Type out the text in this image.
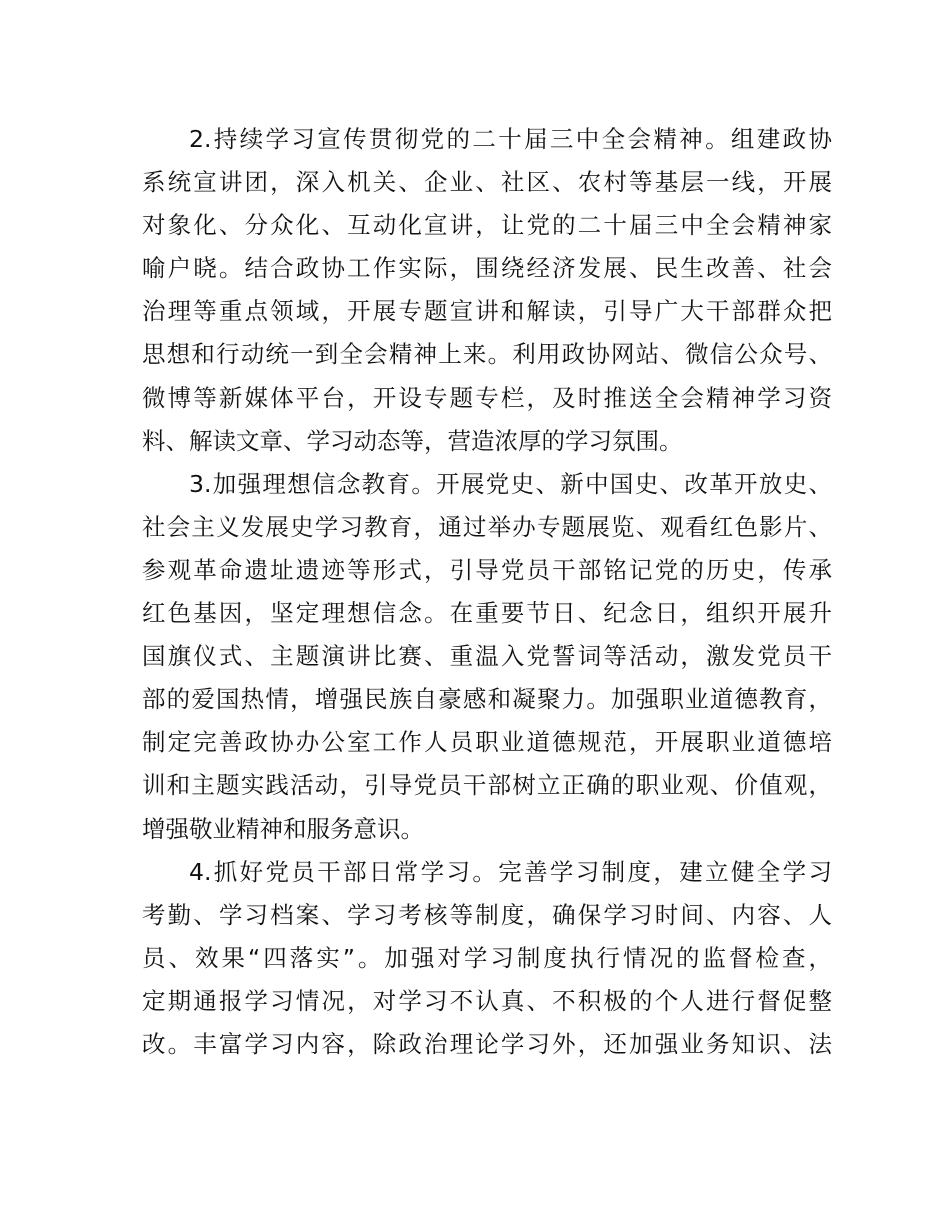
2.持续学习宣传贯彻党的二十届三中全会精神。组建政协
系统宣讲团，深入机关、企业、社区、农村等基层一线，开展
对象化、分众化、互动化宣讲，让党的二十届三中全会精神家
喻户晓。结合政协工作实际，围绕经济发展、民生改善、社会
治理等重点领域，开展专题宣讲和解读，引导广大干部群众把
思想和行动统一到全会精神上来。利用政协网站、微信公众号、
微博等新媒体平台，开设专题专栏，及时推送全会精神学习资
料、解读文章、学习动态等，营造浓厚的学习氛围。
3.加强理想信念教育。开展党史、新中国史、改革开放史、
社会主义发展史学习教育，通过举办专题展览、观看红色影片、
参观革命遗址遗迹等形式，引导党员干部铭记党的历史，传承
红色基因，坚定理想信念。在重要节日、纪念日，组织开展升
国旗仪式、主题演讲比赛、重温入党誓词等活动，激发党员干
部的爱国热情，增强民族自豪感和凝聚力。加强职业道德教育，
制定完善政协办公室工作人员职业道德规范，开展职业道德培
训和主题实践活动，引导党员干部树立正确的职业观、价值观，
增强敬业精神和服务意识。
4.抓好党员干部日常学习。完善学习制度，建立健全学习
考勤、学习档案、学习考核等制度，确保学习时间、内容、人
员、效果“四落实”。加强对学习制度执行情况的监督检查，
定期通报学习情况，对学习不认真、不积极的个人进行督促整
改。丰富学习内容，除政治理论学习外，还加强业务知识、法
